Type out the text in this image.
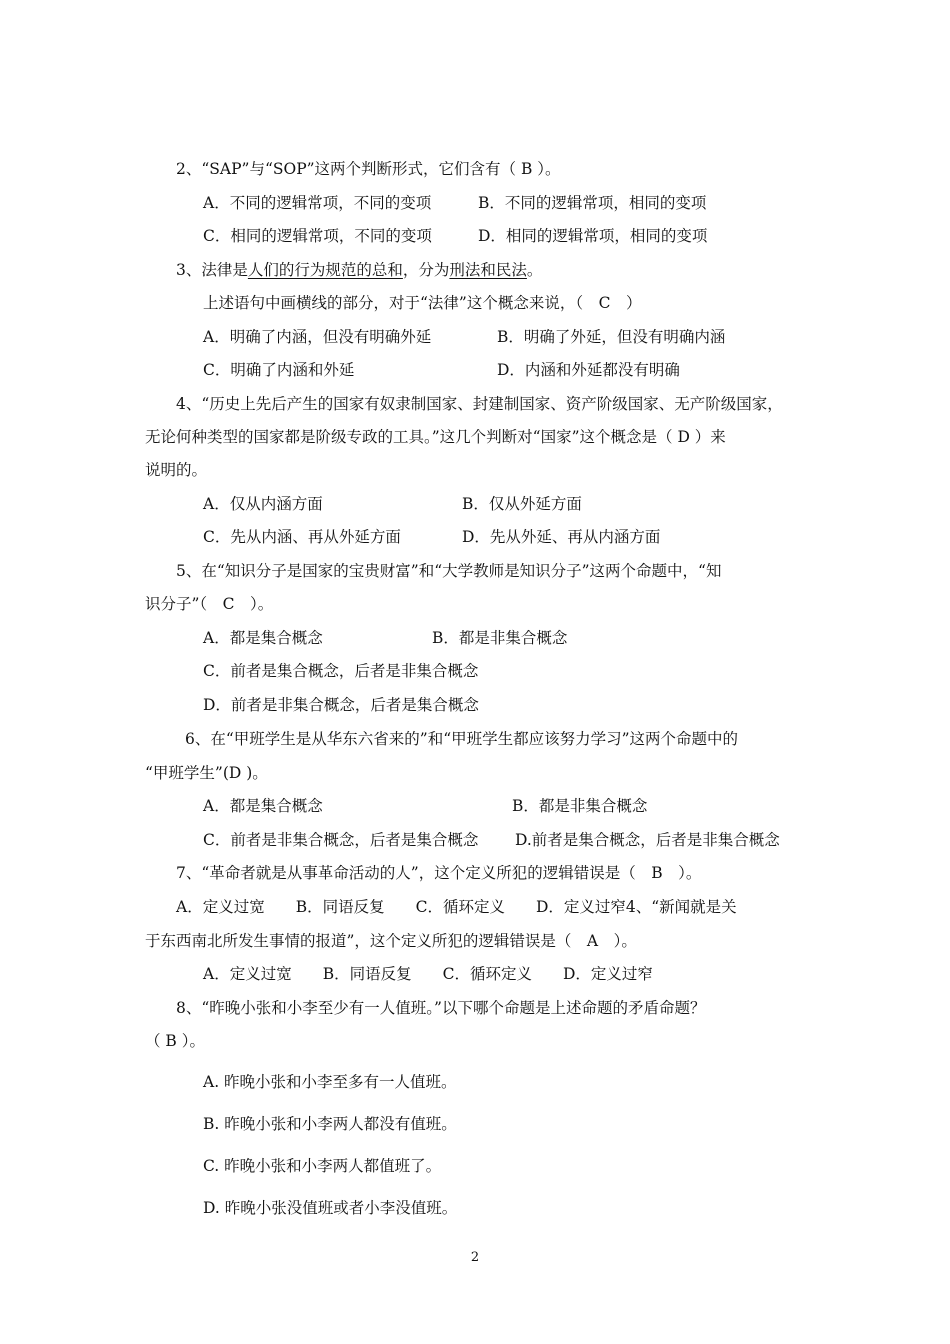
2、“SAP”与“SOP”这两个判断形式，它们含有（ B ）。
A．不同的逻辑常项，不同的变项	B．不同的逻辑常项，相同的变项
C．相同的逻辑常项，不同的变项	D．相同的逻辑常项，相同的变项
3、法律是人们的行为规范的总和，分为刑法和民法。
上述语句中画横线的部分，对于“法律”这个概念来说，（　C　）
A．明确了内涵，但没有明确外延	B．明确了外延，但没有明确内涵
C．明确了内涵和外延	D．内涵和外延都没有明确
4、“历史上先后产生的国家有奴隶制国家、封建制国家、资产阶级国家、无产阶级国家，
无论何种类型的国家都是阶级专政的工具。”这几个判断对“国家”这个概念是（ D ）来
说明的。
A．仅从内涵方面	B．仅从外延方面
C．先从内涵、再从外延方面	D．先从外延、再从内涵方面
5、在“知识分子是国家的宝贵财富”和“大学教师是知识分子”这两个命题中，“知
识分子”（　C　）。
A．都是集合概念	B．都是非集合概念
C．前者是集合概念，后者是非集合概念
D．前者是非集合概念，后者是集合概念
6、在“甲班学生是从华东六省来的”和“甲班学生都应该努力学习”这两个命题中的
“甲班学生”(D )。
A．都是集合概念	B．都是非集合概念
C．前者是非集合概念，后者是集合概念 D.前者是集合概念，后者是非集合概念
7、“革命者就是从事革命活动的人”，这个定义所犯的逻辑错误是（　B　）。
A．定义过宽　　B．同语反复　　C．循环定义　　D．定义过窄4、“新闻就是关
于东西南北所发生事情的报道”，这个定义所犯的逻辑错误是（　A　）。
A．定义过宽　　B．同语反复　　C．循环定义　　D．定义过窄
8、“昨晚小张和小李至少有一人值班。”以下哪个命题是上述命题的矛盾命题？
（ B ）。
A. 昨晚小张和小李至多有一人值班。
B. 昨晚小张和小李两人都没有值班。
C. 昨晚小张和小李两人都值班了。
D. 昨晚小张没值班或者小李没值班。
2
